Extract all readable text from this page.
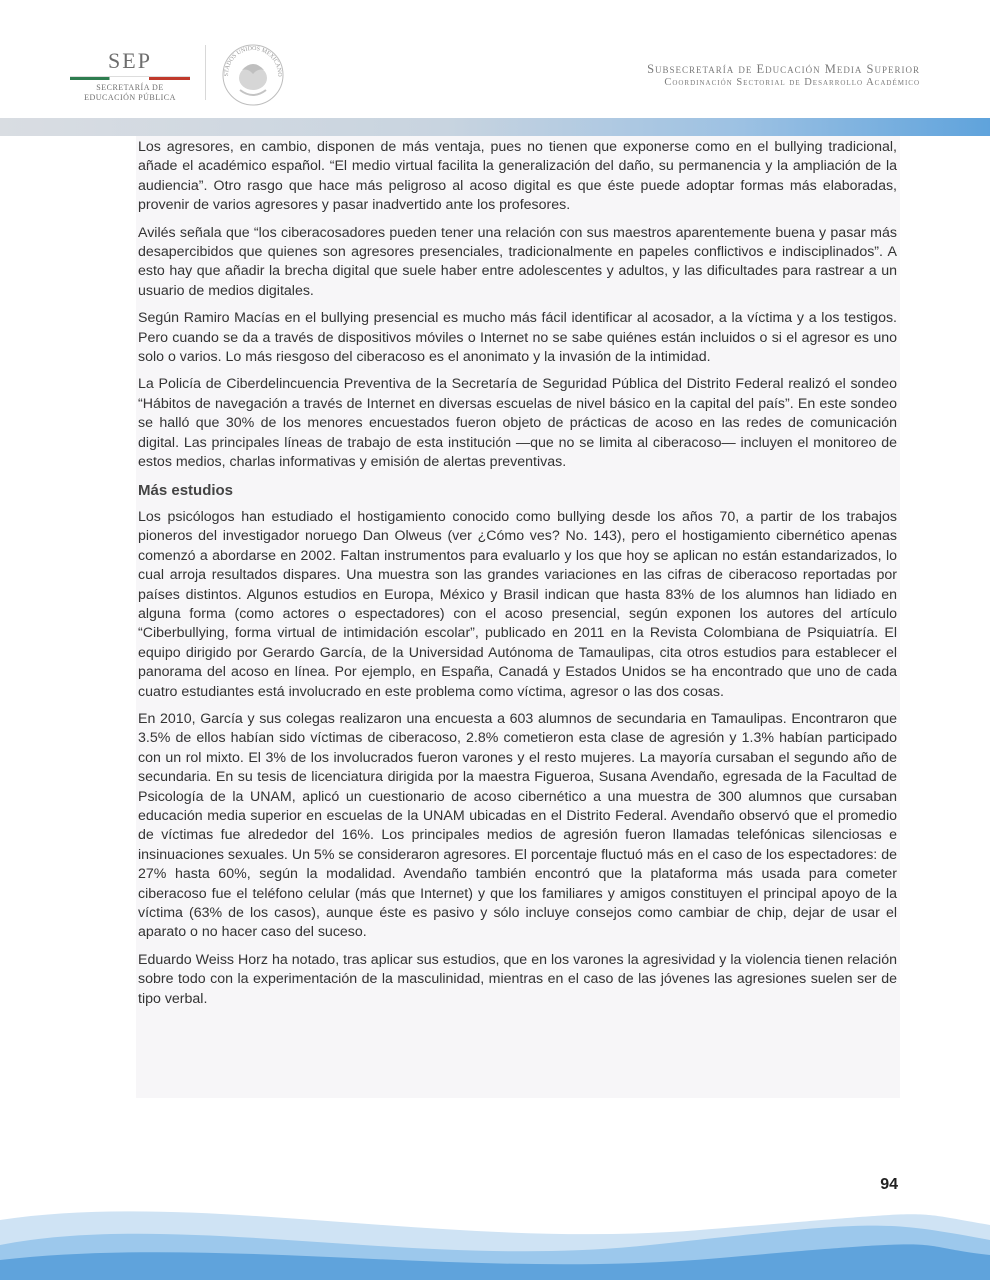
SEP
SECRETARÍA DE
EDUCACIÓN PÚBLICA
STADOS UNIDOS MEXICANO	Subsecretaría de Educación Media Superior
Coordinación Sectorial de Desarrollo Académico

Los agresores, en cambio, disponen de más ventaja, pues no tienen que exponerse como en el bullying tradicional, añade el académico español. “El medio virtual facilita la generalización del daño, su permanencia y la ampliación de la audiencia”. Otro rasgo que hace más peligroso al acoso digital es que éste puede adoptar formas más elaboradas, provenir de varios agresores y pasar inadvertido ante los profesores.

Avilés señala que “los ciberacosadores pueden tener una relación con sus maestros aparentemente buena y pasar más desapercibidos que quienes son agresores presenciales, tradicionalmente en papeles conflictivos e indisciplinados”. A esto hay que añadir la brecha digital que suele haber entre adolescentes y adultos, y las dificultades para rastrear a un usuario de medios digitales.

Según Ramiro Macías en el bullying presencial es mucho más fácil identificar al acosador, a la víctima y a los testigos. Pero cuando se da a través de dispositivos móviles o Internet no se sabe quiénes están incluidos o si el agresor es uno solo o varios. Lo más riesgoso del ciberacoso es el anonimato y la invasión de la intimidad.

La Policía de Ciberdelincuencia Preventiva de la Secretaría de Seguridad Pública del Distrito Federal realizó el sondeo “Hábitos de navegación a través de Internet en diversas escuelas de nivel básico en la capital del país”. En este sondeo se halló que 30% de los menores encuestados fueron objeto de prácticas de acoso en las redes de comunicación digital. Las principales líneas de trabajo de esta institución —que no se limita al ciberacoso— incluyen el monitoreo de estos medios, charlas informativas y emisión de alertas preventivas.

Más estudios

Los psicólogos han estudiado el hostigamiento conocido como bullying desde los años 70, a partir de los trabajos pioneros del investigador noruego Dan Olweus (ver ¿Cómo ves? No. 143), pero el hostigamiento cibernético apenas comenzó a abordarse en 2002. Faltan instrumentos para evaluarlo y los que hoy se aplican no están estandarizados, lo cual arroja resultados dispares. Una muestra son las grandes variaciones en las cifras de ciberacoso reportadas por países distintos. Algunos estudios en Europa, México y Brasil indican que hasta 83% de los alumnos han lidiado en alguna forma (como actores o espectadores) con el acoso presencial, según exponen los autores del artículo “Ciberbullying, forma virtual de intimidación escolar”, publicado en 2011 en la Revista Colombiana de Psiquiatría. El equipo dirigido por Gerardo García, de la Universidad Autónoma de Tamaulipas, cita otros estudios para establecer el panorama del acoso en línea. Por ejemplo, en España, Canadá y Estados Unidos se ha encontrado que uno de cada cuatro estudiantes está involucrado en este problema como víctima, agresor o las dos cosas.

En 2010, García y sus colegas realizaron una encuesta a 603 alumnos de secundaria en Tamaulipas. Encontraron que 3.5% de ellos habían sido víctimas de ciberacoso, 2.8% cometieron esta clase de agresión y 1.3% habían participado con un rol mixto. El 3% de los involucrados fueron varones y el resto mujeres. La mayoría cursaban el segundo año de secundaria. En su tesis de licenciatura dirigida por la maestra Figueroa, Susana Avendaño, egresada de la Facultad de Psicología de la UNAM, aplicó un cuestionario de acoso cibernético a una muestra de 300 alumnos que cursaban educación media superior en escuelas de la UNAM ubicadas en el Distrito Federal. Avendaño observó que el promedio de víctimas fue alrededor del 16%. Los principales medios de agresión fueron llamadas telefónicas silenciosas e insinuaciones sexuales. Un 5% se consideraron agresores. El porcentaje fluctuó más en el caso de los espectadores: de 27% hasta 60%, según la modalidad. Avendaño también encontró que la plataforma más usada para cometer ciberacoso fue el teléfono celular (más que Internet) y que los familiares y amigos constituyen el principal apoyo de la víctima (63% de los casos), aunque éste es pasivo y sólo incluye consejos como cambiar de chip, dejar de usar el aparato o no hacer caso del suceso.

Eduardo Weiss Horz ha notado, tras aplicar sus estudios, que en los varones la agresividad y la violencia tienen relación sobre todo con la experimentación de la masculinidad, mientras en el caso de las jóvenes las agresiones suelen ser de tipo verbal.

94
